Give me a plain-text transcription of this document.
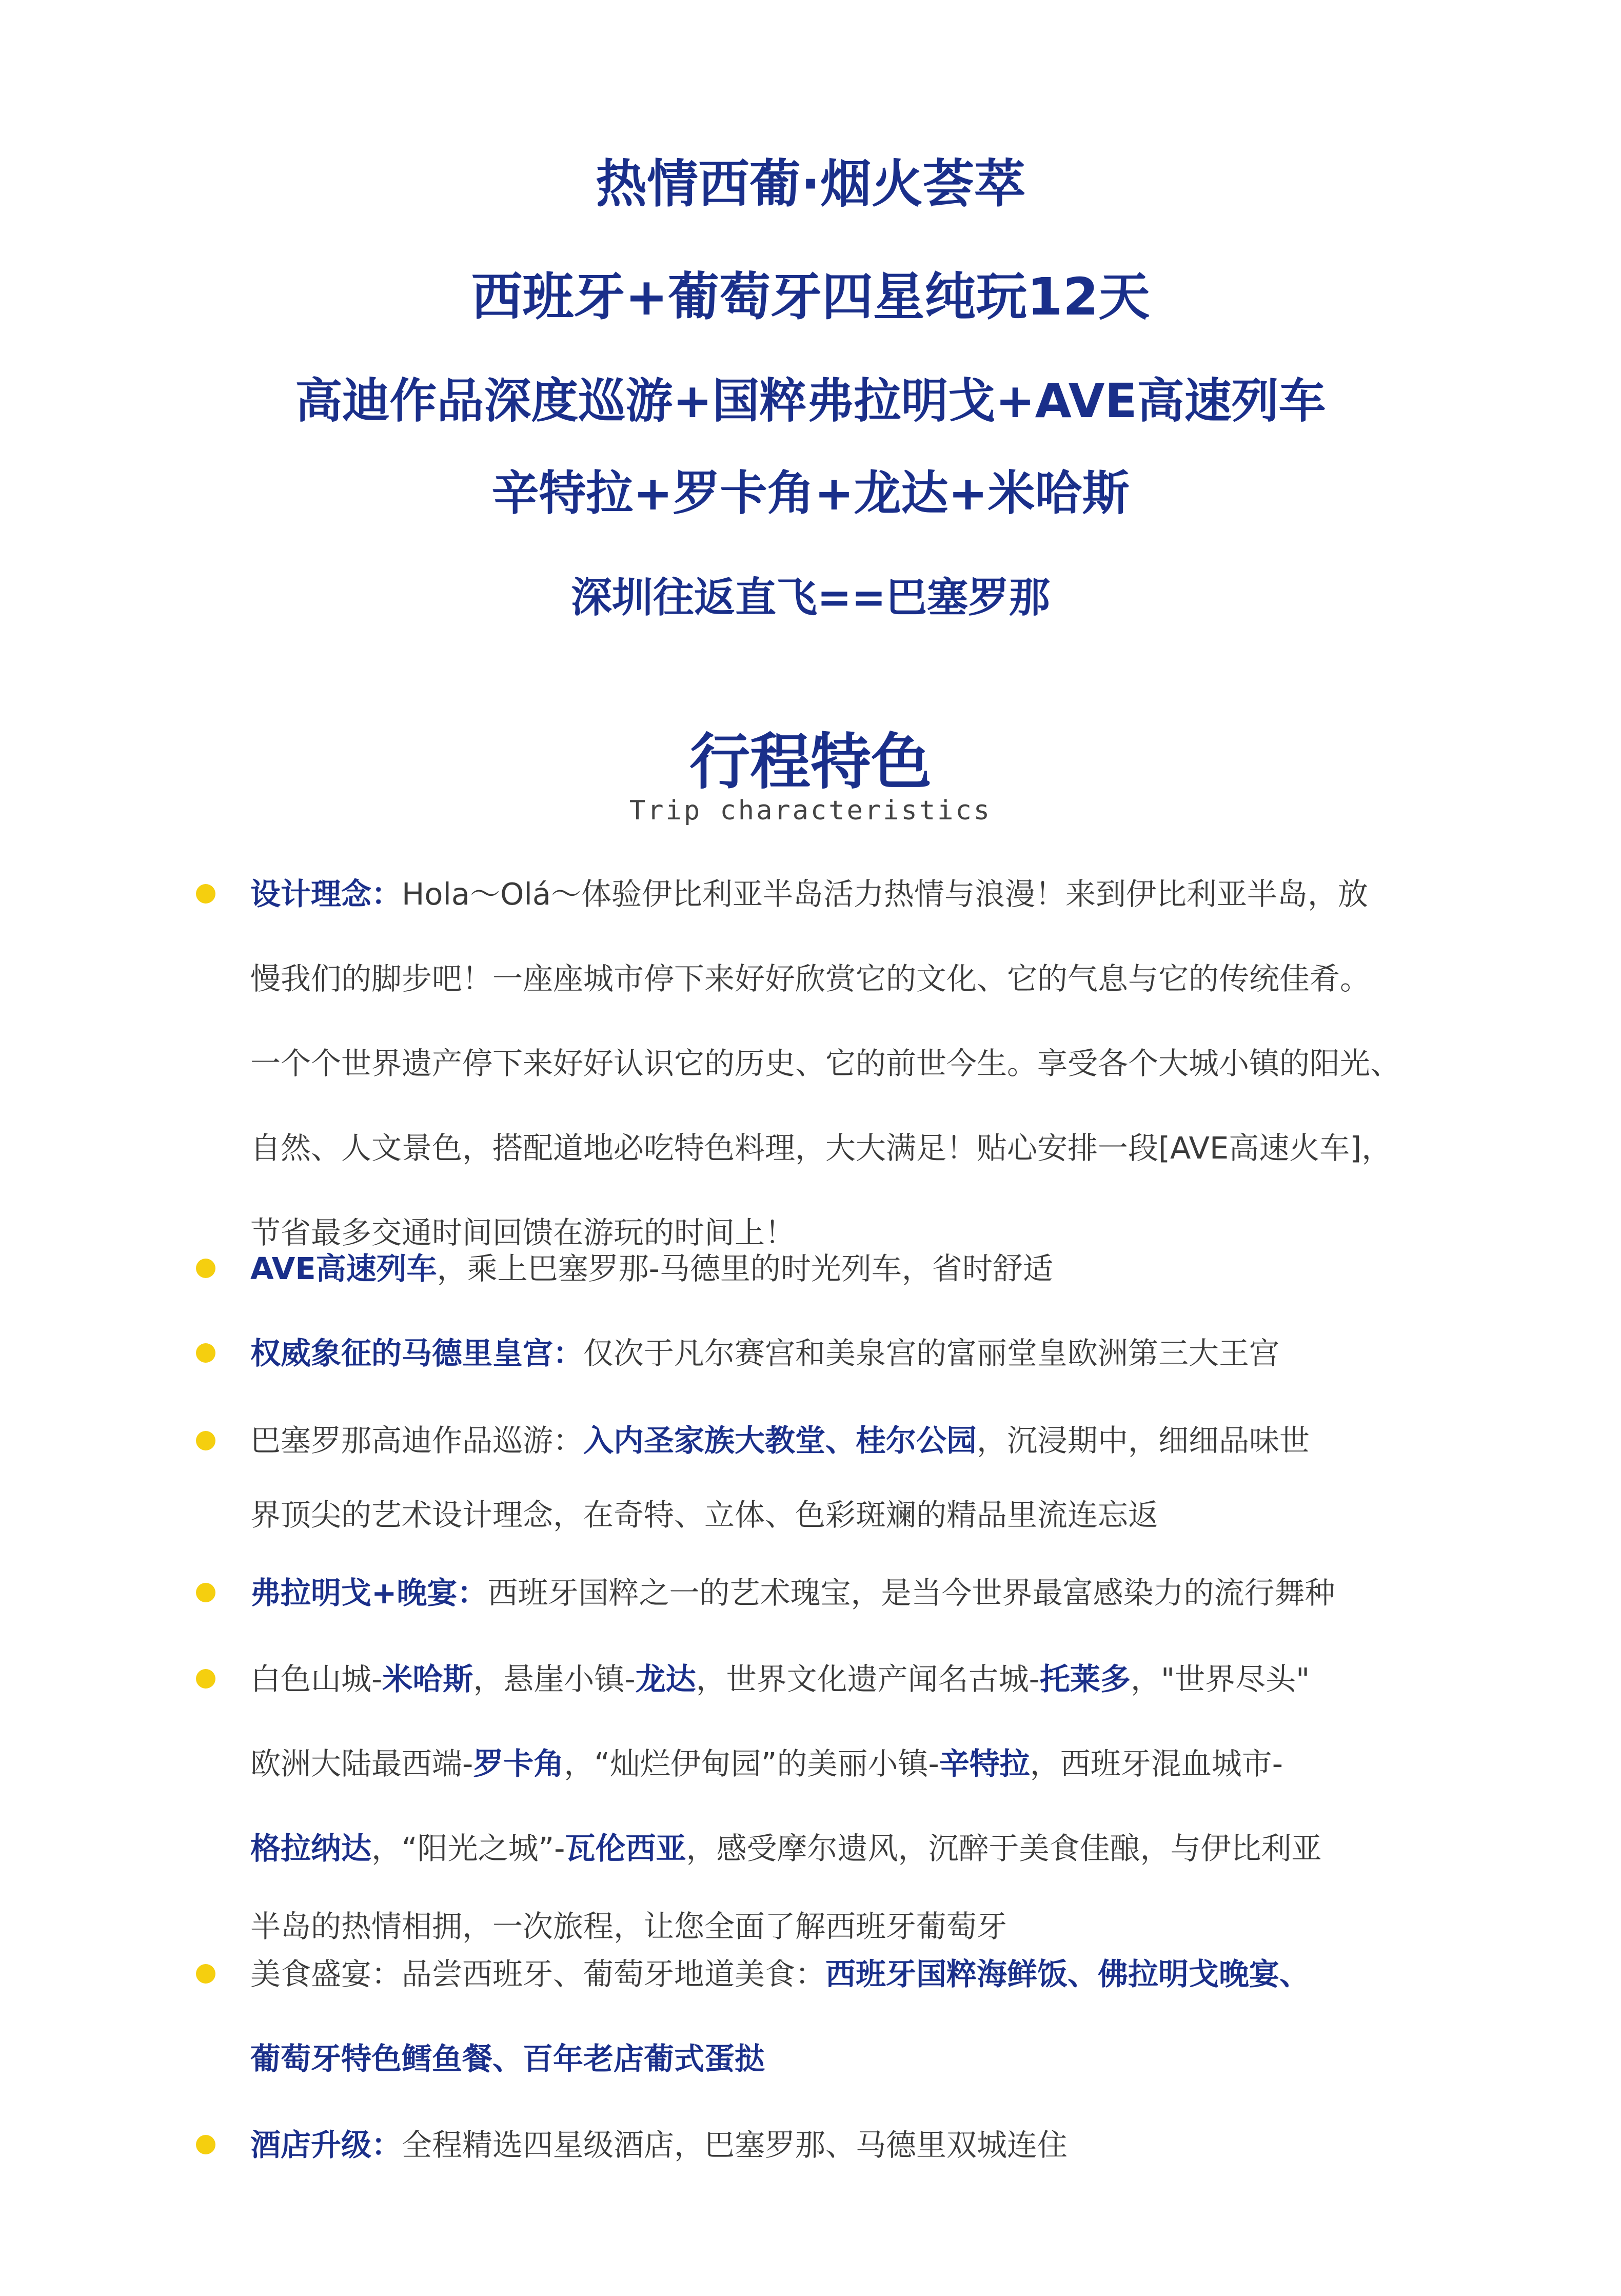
热情西葡·烟火荟萃
西班牙+葡萄牙四星纯玩12天
高迪作品深度巡游+国粹弗拉明戈+AVE高速列车
辛特拉+罗卡角+龙达+米哈斯
深圳往返直飞==巴塞罗那
行程特色
Trip characteristics
设计理念：Hola～Olá～体验伊比利亚半岛活力热情与浪漫！来到伊比利亚半岛，放
慢我们的脚步吧！一座座城市停下来好好欣赏它的文化、它的气息与它的传统佳肴。
一个个世界遗产停下来好好认识它的历史、它的前世今生。享受各个大城小镇的阳光、
自然、人文景色，搭配道地必吃特色料理，大大满足！贴心安排一段[AVE高速火车]，
节省最多交通时间回馈在游玩的时间上！
AVE高速列车，乘上巴塞罗那-马德里的时光列车，省时舒适
权威象征的马德里皇宫：仅次于凡尔赛宫和美泉宫的富丽堂皇欧洲第三大王宫
巴塞罗那高迪作品巡游：入内圣家族大教堂、桂尔公园，沉浸期中，细细品味世
界顶尖的艺术设计理念，在奇特、立体、色彩斑斓的精品里流连忘返
弗拉明戈+晚宴：西班牙国粹之一的艺术瑰宝，是当今世界最富感染力的流行舞种
白色山城-米哈斯，悬崖小镇-龙达，世界文化遗产闻名古城-托莱多，"世界尽头"
欧洲大陆最西端-罗卡角，“灿烂伊甸园”的美丽小镇-辛特拉，西班牙混血城市-
格拉纳达，“阳光之城”-瓦伦西亚，感受摩尔遗风，沉醉于美食佳酿，与伊比利亚
半岛的热情相拥，一次旅程，让您全面了解西班牙葡萄牙
美食盛宴：品尝西班牙、葡萄牙地道美食：西班牙国粹海鲜饭、佛拉明戈晚宴、
葡萄牙特色鳕鱼餐、百年老店葡式蛋挞
酒店升级：全程精选四星级酒店，巴塞罗那、马德里双城连住
